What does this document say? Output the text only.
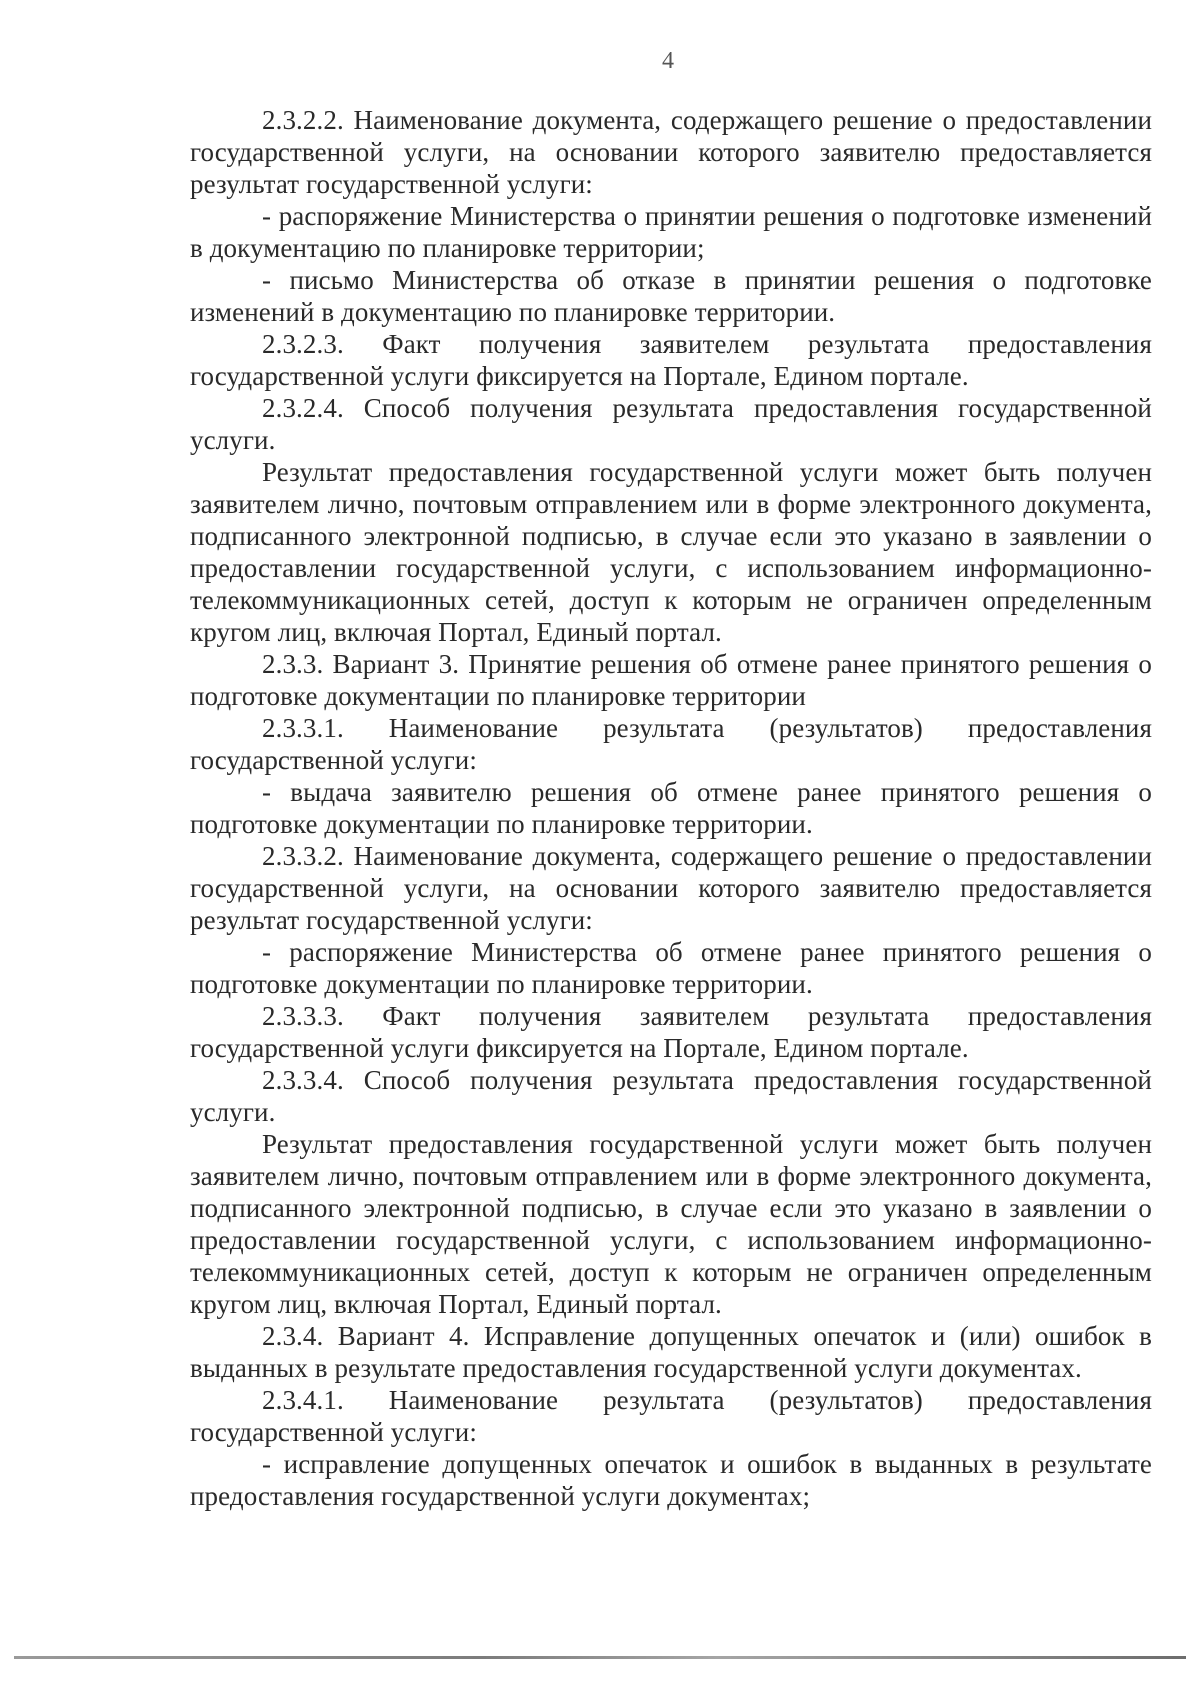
4

2.3.2.2. Наименование документа, содержащего решение о предоставлении государственной услуги, на основании которого заявителю предоставляется результат государственной услуги:

- распоряжение Министерства о принятии решения о подготовке изменений в документацию по планировке территории;

- письмо Министерства об отказе в принятии решения о подготовке изменений в документацию по планировке территории.

2.3.2.3. Факт получения заявителем результата предоставления государственной услуги фиксируется на Портале, Едином портале.

2.3.2.4. Способ получения результата предоставления государственной услуги.

Результат предоставления государственной услуги может быть получен заявителем лично, почтовым отправлением или в форме электронного документа, подписанного электронной подписью, в случае если это указано в заявлении о предоставлении государственной услуги, с использованием информационно-телекоммуникационных сетей, доступ к которым не ограничен определенным кругом лиц, включая Портал, Единый портал.

2.3.3. Вариант 3. Принятие решения об отмене ранее принятого решения о подготовке документации по планировке территории

2.3.3.1. Наименование результата (результатов) предоставления государственной услуги:

- выдача заявителю решения об отмене ранее принятого решения о подготовке документации по планировке территории.

2.3.3.2. Наименование документа, содержащего решение о предоставлении государственной услуги, на основании которого заявителю предоставляется результат государственной услуги:

- распоряжение Министерства об отмене ранее принятого решения о подготовке документации по планировке территории.

2.3.3.3. Факт получения заявителем результата предоставления государственной услуги фиксируется на Портале, Едином портале.

2.3.3.4. Способ получения результата предоставления государственной услуги.

Результат предоставления государственной услуги может быть получен заявителем лично, почтовым отправлением или в форме электронного документа, подписанного электронной подписью, в случае если это указано в заявлении о предоставлении государственной услуги, с использованием информационно-телекоммуникационных сетей, доступ к которым не ограничен определенным кругом лиц, включая Портал, Единый портал.

2.3.4. Вариант 4. Исправление допущенных опечаток и (или) ошибок в выданных в результате предоставления государственной услуги документах.

2.3.4.1. Наименование результата (результатов) предоставления государственной услуги:

- исправление допущенных опечаток и ошибок в выданных в результате предоставления государственной услуги документах;
